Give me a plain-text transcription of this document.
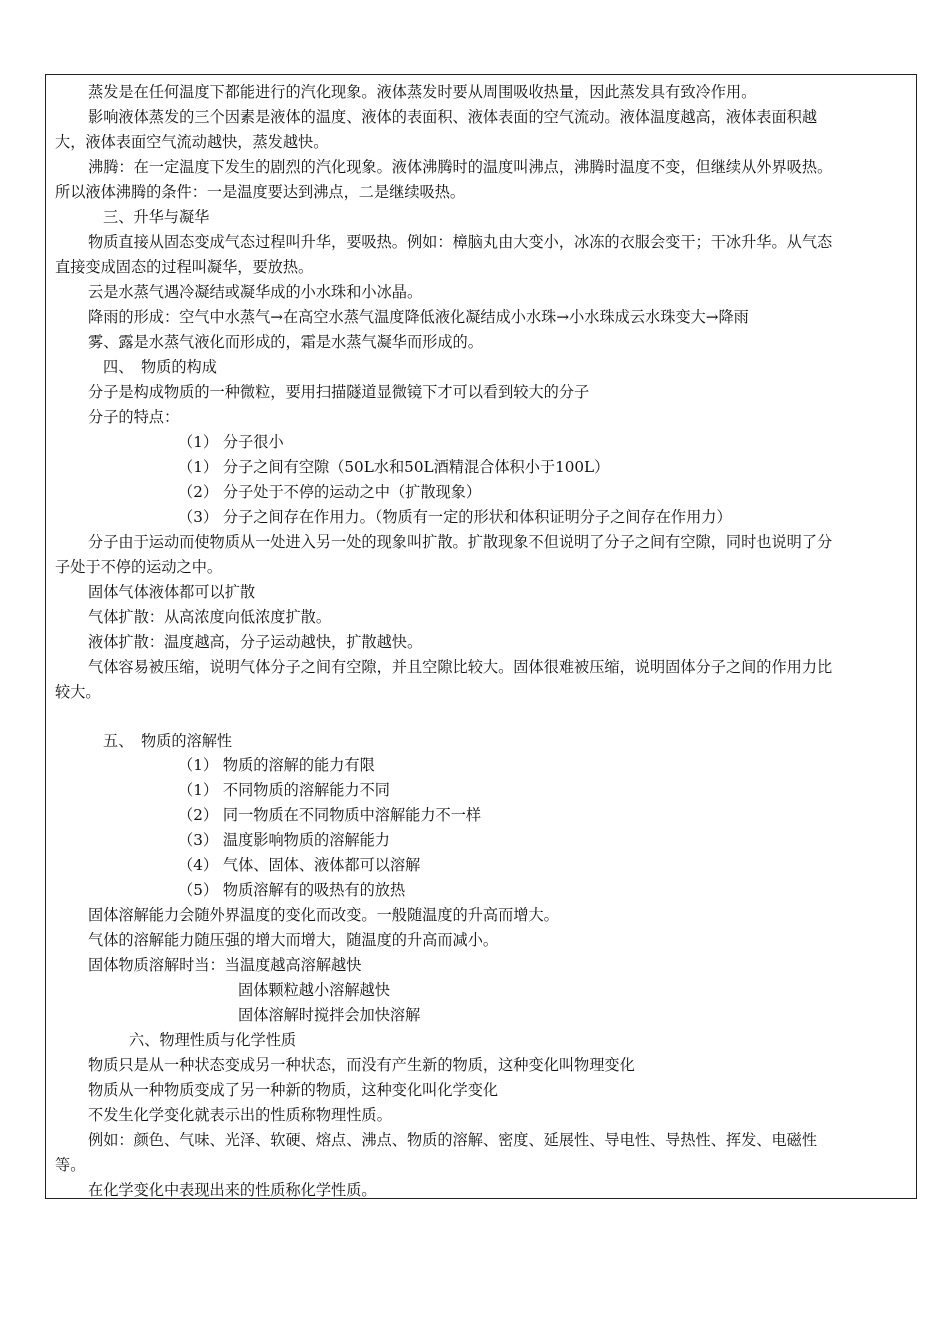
蒸发是在任何温度下都能进行的汽化现象。液体蒸发时要从周围吸收热量，因此蒸发具有致冷作用。
影响液体蒸发的三个因素是液体的温度、液体的表面积、液体表面的空气流动。液体温度越高，液体表面积越
大，液体表面空气流动越快，蒸发越快。
沸腾：在一定温度下发生的剧烈的汽化现象。液体沸腾时的温度叫沸点，沸腾时温度不变，但继续从外界吸热。
所以液体沸腾的条件：一是温度要达到沸点，二是继续吸热。
三、升华与凝华
物质直接从固态变成气态过程叫升华，要吸热。例如：樟脑丸由大变小，冰冻的衣服会变干；干冰升华。从气态
直接变成固态的过程叫凝华，要放热。
云是水蒸气遇冷凝结或凝华成的小水珠和小冰晶。
降雨的形成：空气中水蒸气→在高空水蒸气温度降低液化凝结成小水珠→小水珠成云水珠变大→降雨
雾、露是水蒸气液化而形成的，霜是水蒸气凝华而形成的。
四、　物质的构成
分子是构成物质的一种微粒，要用扫描隧道显微镜下才可以看到较大的分子
分子的特点：
（1） 分子很小
（1） 分子之间有空隙（50L水和50L酒精混合体积小于100L）
（2） 分子处于不停的运动之中（扩散现象）
（3） 分子之间存在作用力。（物质有一定的形状和体积证明分子之间存在作用力）
分子由于运动而使物质从一处进入另一处的现象叫扩散。扩散现象不但说明了分子之间有空隙，同时也说明了分
子处于不停的运动之中。
固体气体液体都可以扩散
气体扩散：从高浓度向低浓度扩散。
液体扩散：温度越高，分子运动越快，扩散越快。
气体容易被压缩，说明气体分子之间有空隙，并且空隙比较大。固体很难被压缩，说明固体分子之间的作用力比
较大。
五、　物质的溶解性
（1） 物质的溶解的能力有限
（1） 不同物质的溶解能力不同
（2） 同一物质在不同物质中溶解能力不一样
（3） 温度影响物质的溶解能力
（4） 气体、固体、液体都可以溶解
（5） 物质溶解有的吸热有的放热
固体溶解能力会随外界温度的变化而改变。一般随温度的升高而增大。
气体的溶解能力随压强的增大而增大，随温度的升高而减小。
固体物质溶解时当：当温度越高溶解越快
固体颗粒越小溶解越快
固体溶解时搅拌会加快溶解
六、物理性质与化学性质
物质只是从一种状态变成另一种状态，而没有产生新的物质，这种变化叫物理变化
物质从一种物质变成了另一种新的物质，这种变化叫化学变化
不发生化学变化就表示出的性质称物理性质。
例如：颜色、气味、光泽、软硬、熔点、沸点、物质的溶解、密度、延展性、导电性、导热性、挥发、电磁性
等。
在化学变化中表现出来的性质称化学性质。
